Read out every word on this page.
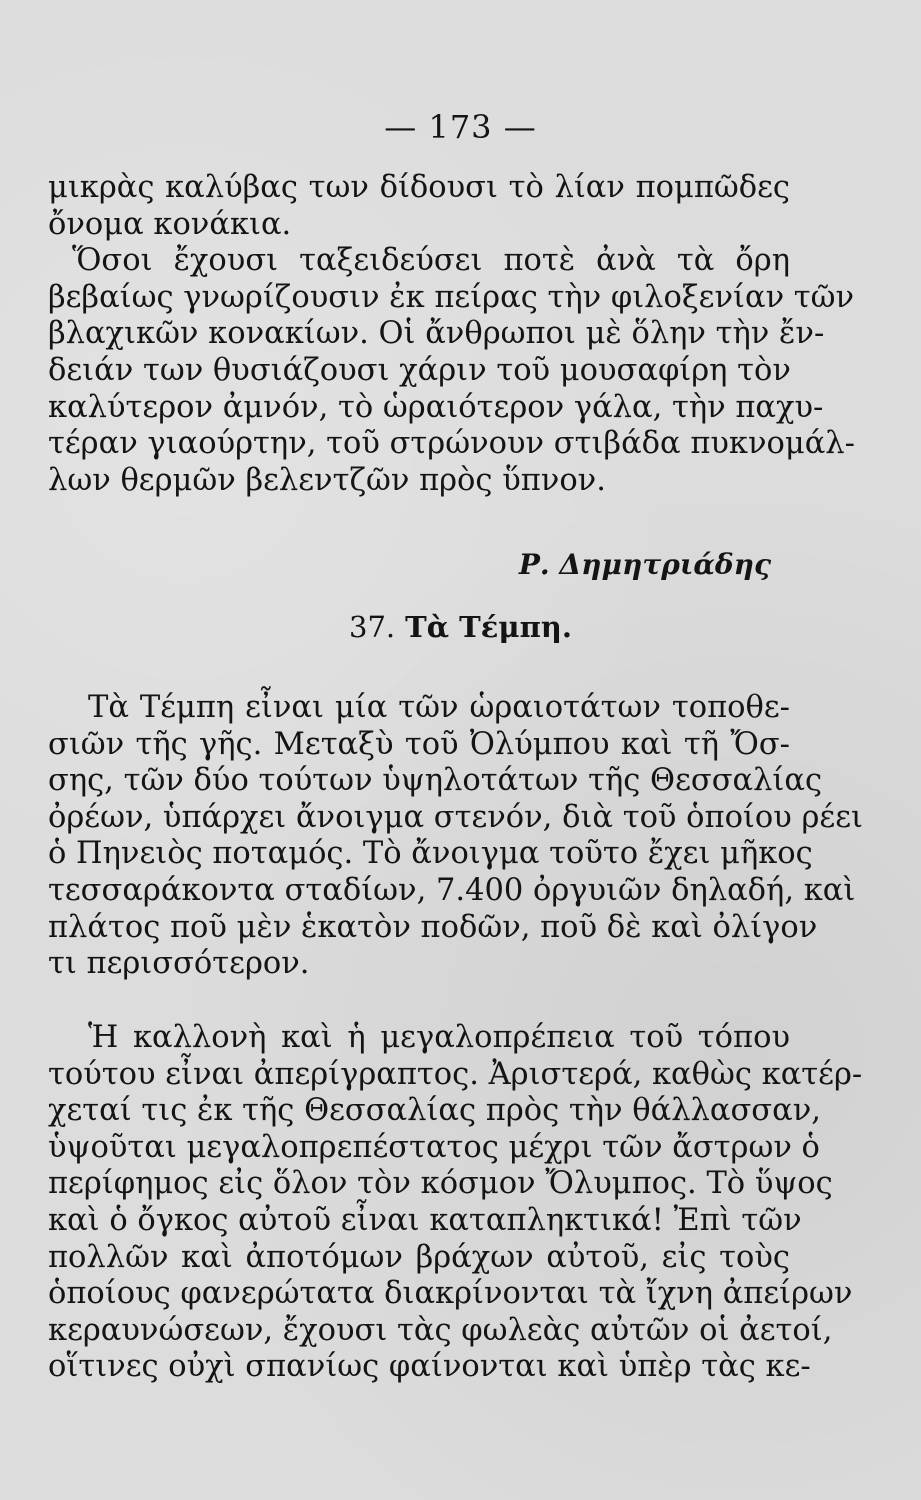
— 173 —
μικρὰς καλύβας των δίδουσι τὸ λίαν πομπῶδες
ὄνομα κονάκια.
Ὅσοι ἔχουσι ταξειδεύσει ποτὲ ἀνὰ τὰ ὄρη
βεβαίως γνωρίζουσιν ἐκ πείρας τὴν φιλοξενίαν τῶν
βλαχικῶν κονακίων. Οἱ ἄνθρωποι μὲ ὅλην τὴν ἔν-
δειάν των θυσιάζουσι χάριν τοῦ μουσαφίρη τὸν
καλύτερον ἀμνόν, τὸ ὡραιότερον γάλα, τὴν παχυ-
τέραν γιαούρτην, τοῦ στρώνουν στιβάδα πυκνομάλ-
λων θερμῶν βελεντζῶν πρὸς ὕπνον.
Ρ. Δημητριάδης
37. Τὰ Τέμπη.
Τὰ Τέμπη εἶναι μία τῶν ὡραιοτάτων τοποθε-
σιῶν τῆς γῆς. Μεταξὺ τοῦ Ὀλύμπου καὶ τῆ Ὄσ-
σης, τῶν δύο τούτων ὑψηλοτάτων τῆς Θεσσαλίας
ὀρέων, ὑπάρχει ἄνοιγμα στενόν, διὰ τοῦ ὁποίου ρέει
ὁ Πηνειὸς ποταμός. Τὸ ἄνοιγμα τοῦτο ἔχει μῆκος
τεσσαράκοντα σταδίων, 7.400 ὀργυιῶν δηλαδή, καὶ
πλάτος ποῦ μὲν ἑκατὸν ποδῶν, ποῦ δὲ καὶ ὀλίγον
τι περισσότερον.
Ἡ καλλονὴ καὶ ἡ μεγαλοπρέπεια τοῦ τόπου
τούτου εἶναι ἀπερίγραπτος. Ἀριστερά, καθὼς κατέρ-
χεταί τις ἐκ τῆς Θεσσαλίας πρὸς τὴν θάλλασσαν,
ὑψοῦται μεγαλοπρεπέστατος μέχρι τῶν ἄστρων ὁ
περίφημος εἰς ὅλον τὸν κόσμον Ὄλυμπος. Τὸ ὕψος
καὶ ὁ ὄγκος αὐτοῦ εἶναι καταπληκτικά! Ἐπὶ τῶν
πολλῶν καὶ ἀποτόμων βράχων αὐτοῦ, εἰς τοὺς
ὁποίους φανερώτατα διακρίνονται τὰ ἴχνη ἀπείρων
κεραυνώσεων, ἔχουσι τὰς φωλεὰς αὐτῶν οἱ ἀετοί,
οἵτινες οὐχὶ σπανίως φαίνονται καὶ ὑπὲρ τὰς κε-
